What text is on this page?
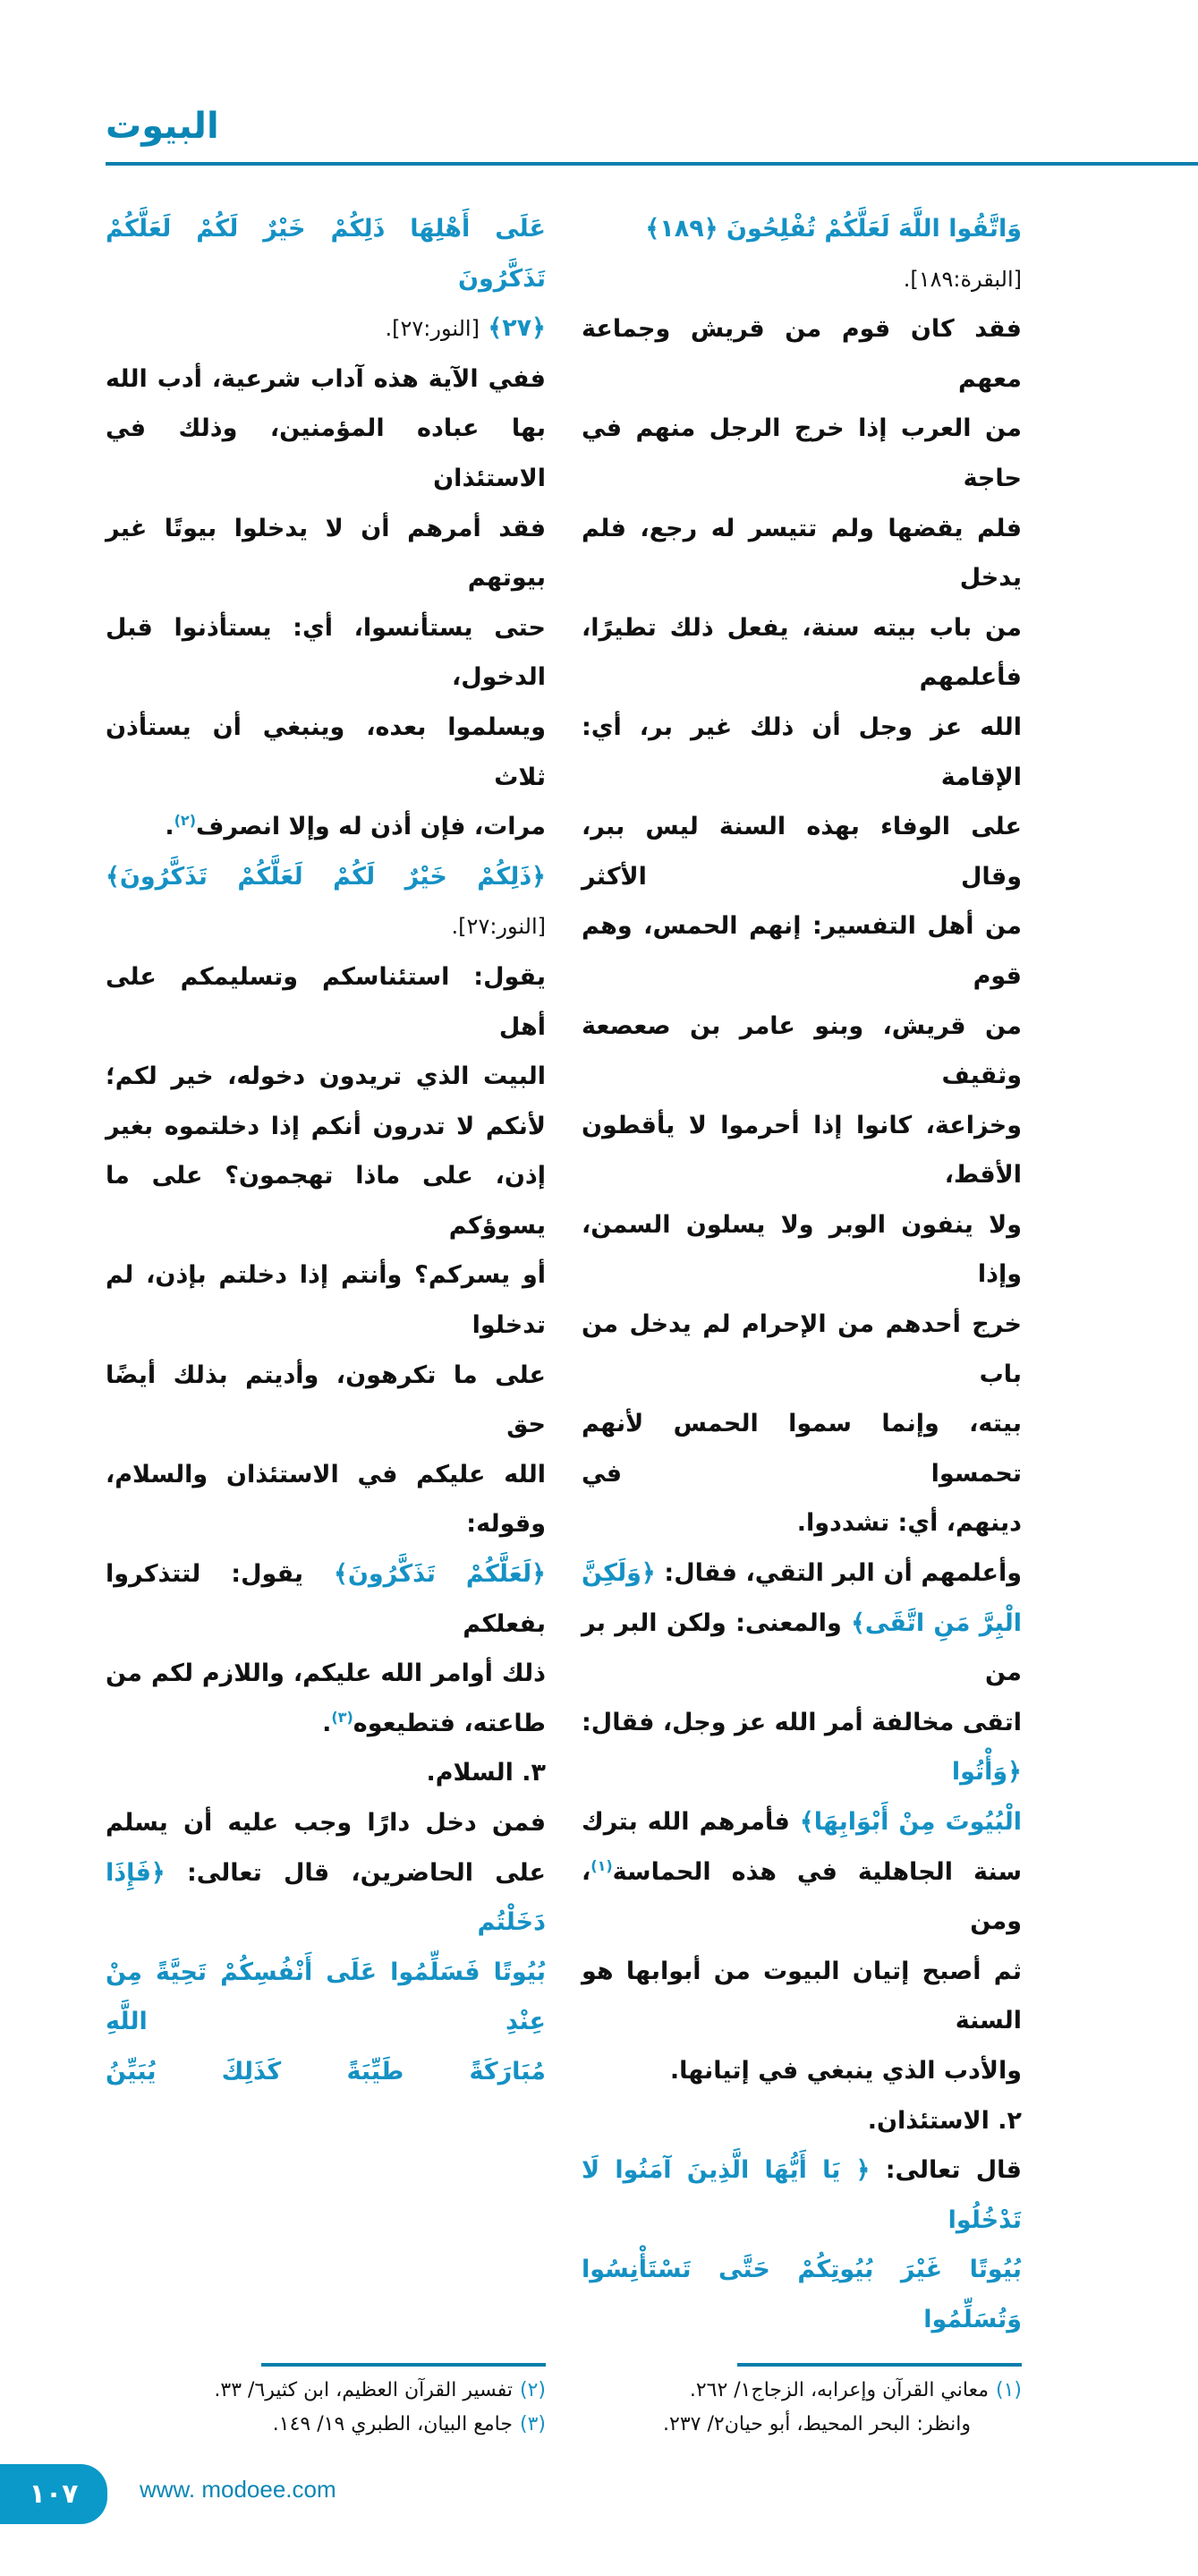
البيوت
وَاتَّقُوا اللَّهَ لَعَلَّكُمْ تُفْلِحُونَ ﴿١٨٩﴾
[البقرة:١٨٩].
فقد كان قوم من قريش وجماعة معهم
من العرب إذا خرج الرجل منهم في حاجة
فلم يقضها ولم تتيسر له رجع، فلم يدخل
من باب بيته سنة، يفعل ذلك تطيرًا، فأعلمهم
الله عز وجل أن ذلك غير بر، أي: الإقامة
على الوفاء بهذه السنة ليس ببر، وقال الأكثر
من أهل التفسير: إنهم الحمس، وهم قوم
من قريش، وبنو عامر بن صعصعة وثقيف
وخزاعة، كانوا إذا أحرموا لا يأقطون الأقط،
ولا ينفون الوبر ولا يسلون السمن، وإذا
خرج أحدهم من الإحرام لم يدخل من باب
بيته، وإنما سموا الحمس لأنهم تحمسوا في
دينهم، أي: تشددوا.
وأعلمهم أن البر التقي، فقال: ﴿وَلَكِنَّ
الْبِرَّ مَنِ اتَّقَى﴾ والمعنى: ولكن البر بر من
اتقى مخالفة أمر الله عز وجل، فقال: ﴿وَأْتُوا
الْبُيُوتَ مِنْ أَبْوَابِهَا﴾ فأمرهم الله بترك
سنة الجاهلية في هذه الحماسة$^{(١)}$، ومن
ثم أصبح إتيان البيوت من أبوابها هو السنة
والأدب الذي ينبغي في إتيانها.
٢. الاستئذان.
قال تعالى: ﴿ يَا أَيُّهَا الَّذِينَ آمَنُوا لَا تَدْخُلُوا
بُيُوتًا غَيْرَ بُيُوتِكُمْ حَتَّى تَسْتَأْنِسُوا وَتُسَلِّمُوا
عَلَى أَهْلِهَا ذَلِكُمْ خَيْرٌ لَكُمْ لَعَلَّكُمْ تَذَكَّرُونَ
﴿٢٧﴾ [النور:٢٧].
ففي الآية هذه آداب شرعية، أدب الله
بها عباده المؤمنين، وذلك في الاستئذان
فقد أمرهم أن لا يدخلوا بيوتًا غير بيوتهم
حتى يستأنسوا، أي: يستأذنوا قبل الدخول،
ويسلموا بعده، وينبغي أن يستأذن ثلاث
مرات، فإن أذن له وإلا انصرف$^{(٢)}$.
﴿ذَلِكُمْ خَيْرٌ لَكُمْ لَعَلَّكُمْ تَذَكَّرُونَ﴾
[النور:٢٧].
يقول: استئناسكم وتسليمكم على أهل
البيت الذي تريدون دخوله، خير لكم؛
لأنكم لا تدرون أنكم إذا دخلتموه بغير
إذن، على ماذا تهجمون؟ على ما يسوؤكم
أو يسركم؟ وأنتم إذا دخلتم بإذن، لم تدخلوا
على ما تكرهون، وأديتم بذلك أيضًا حق
الله عليكم في الاستئذان والسلام، وقوله:
﴿لَعَلَّكُمْ تَذَكَّرُونَ﴾ يقول: لتتذكروا بفعلكم
ذلك أوامر الله عليكم، واللازم لكم من
طاعته، فتطيعوه$^{(٣)}$.
٣. السلام.
فمن دخل دارًا وجب عليه أن يسلم
على الحاضرين، قال تعالى: ﴿فَإِذَا دَخَلْتُم
بُيُوتًا فَسَلِّمُوا عَلَى أَنْفُسِكُمْ تَحِيَّةً مِنْ عِنْدِ اللَّهِ
مُبَارَكَةً طَيِّبَةً كَذَلِكَ يُبَيِّنُ
(١)معاني القرآن وإعرابه، الزجاج١/ ٢٦٢.
وانظر: البحر المحيط، أبو حيان٢/ ٢٣٧.
(٢)تفسير القرآن العظيم، ابن كثير٦/ ٣٣.
(٣)جامع البيان، الطبري ١٩/ ١٤٩.
١٠٧	www. modoee.com
